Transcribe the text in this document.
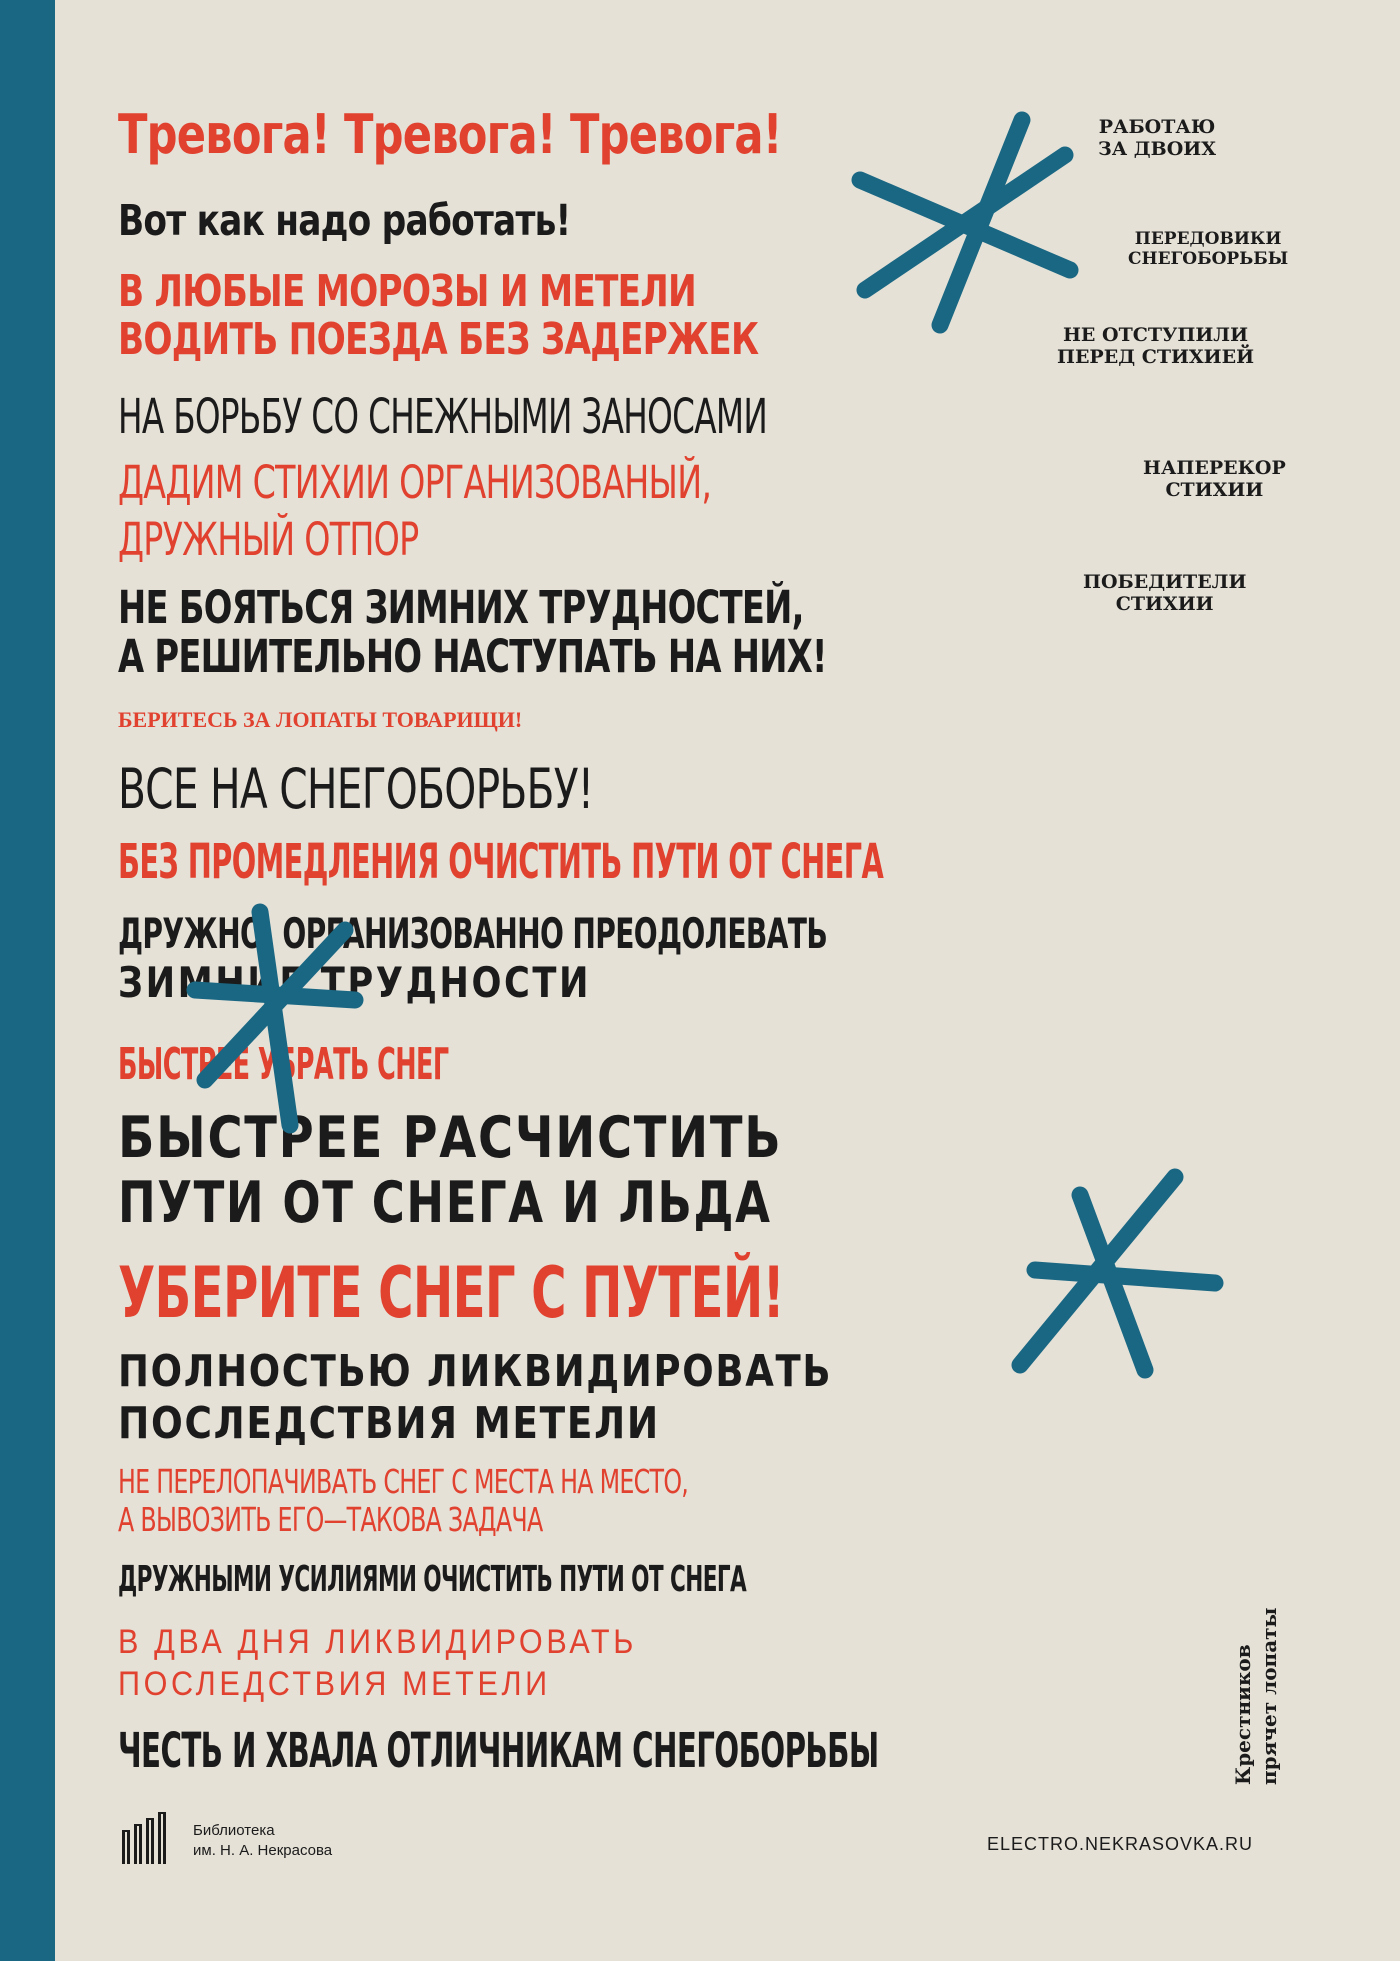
Тревога! Тревога! Тревога!

Вот как надо работать!

В ЛЮБЫЕ МОРОЗЫ И МЕТЕЛИ

ВОДИТЬ ПОЕЗДА БЕЗ ЗАДЕРЖЕК

НА БОРЬБУ СО СНЕЖНЫМИ ЗАНОСАМИ

ДАДИМ СТИХИИ ОРГАНИЗОВАНЫЙ,

ДРУЖНЫЙ ОТПОР

НЕ БОЯТЬСЯ ЗИМНИХ ТРУДНОСТЕЙ,

А РЕШИТЕЛЬНО НАСТУПАТЬ НА НИХ!

БЕРИТЕСЬ ЗА ЛОПАТЫ ТОВАРИЩИ!

ВСЕ НА СНЕГОБОРЬБУ!

БЕЗ ПРОМЕДЛЕНИЯ ОЧИСТИТЬ ПУТИ ОТ СНЕГА

ДРУЖНО, ОРГАНИЗОВАННО ПРЕОДОЛЕВАТЬ

ЗИМНИЕ ТРУДНОСТИ

БЫСТРЕЕ УБРАТЬ СНЕГ

БЫСТРЕЕ РАСЧИСТИТЬ

ПУТИ ОТ СНЕГА И ЛЬДА

УБЕРИТЕ СНЕГ С ПУТЕЙ!

ПОЛНОСТЬЮ ЛИКВИДИРОВАТЬ

ПОСЛЕДСТВИЯ МЕТЕЛИ

НЕ ПЕРЕЛОПАЧИВАТЬ СНЕГ С МЕСТА НА МЕСТО,

А ВЫВОЗИТЬ ЕГО—ТАКОВА ЗАДАЧА

ДРУЖНЫМИ УСИЛИЯМИ ОЧИСТИТЬ ПУТИ ОТ СНЕГА

В ДВА ДНЯ ЛИКВИДИРОВАТЬ

ПОСЛЕДСТВИЯ МЕТЕЛИ

ЧЕСТЬ И ХВАЛА ОТЛИЧНИКАМ СНЕГОБОРЬБЫ

РАБОТАЮ
ЗА ДВОИХ
ПЕРЕДОВИКИ
СНЕГОБОРЬБЫ
НЕ ОТСТУПИЛИ
ПЕРЕД СТИХИЕЙ
НАПЕРЕКОР
СТИХИИ
ПОБЕДИТЕЛИ
СТИХИИ

Крестников прячет лопаты

Библиотека
им. Н. А. Некрасова	ELECTRO.NEKRASOVKA.RU
